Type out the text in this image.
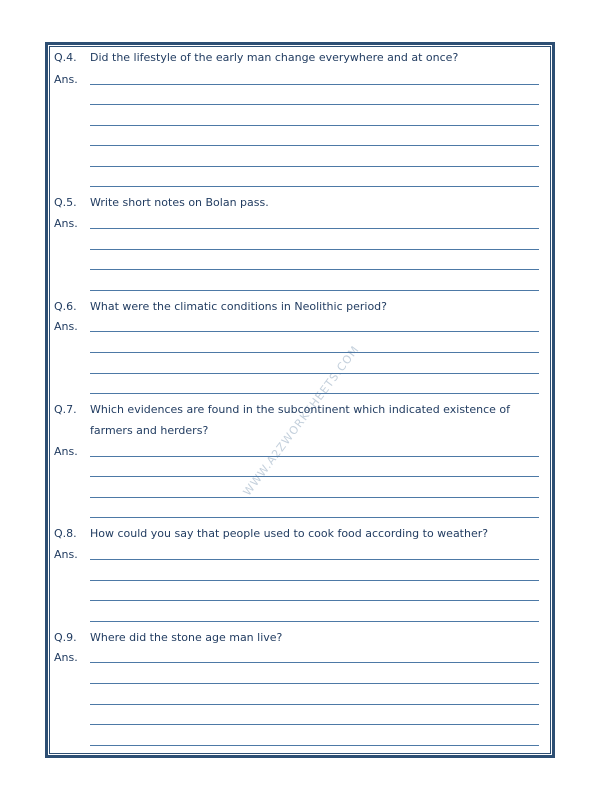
WWW.A2ZWORKSHEETS.COM
Q.4. Did the lifestyle of the early man change everywhere and at once?
Ans.
Q.5. Write short notes on Bolan pass.
Ans.
Q.6. What were the climatic conditions in Neolithic period?
Ans.
Q.7. Which evidences are found in the subcontinent which indicated existence of farmers and herders?
Ans.
Q.8. How could you say that people used to cook food according to weather?
Ans.
Q.9. Where did the stone age man live?
Ans.
